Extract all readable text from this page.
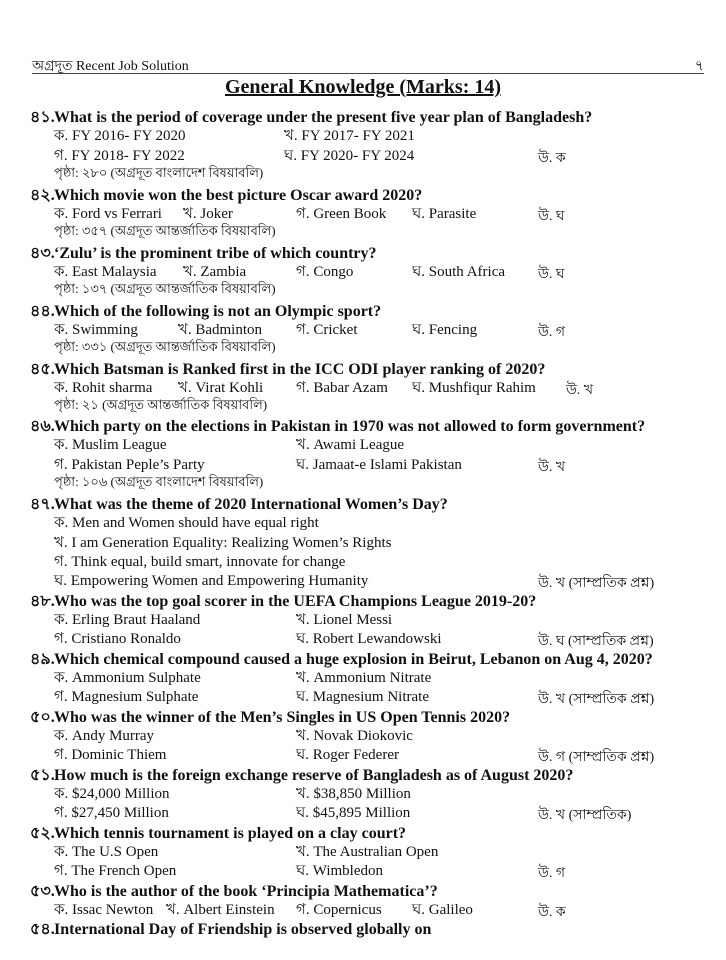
অগ্রদূত Recent Job Solution	৭
General Knowledge (Marks: 14)
৪১.What is the period of coverage under the present five year plan of Bangladesh?
ক. FY 2016- FY 2020	খ. FY 2017- FY 2021
গ. FY 2018- FY 2022	ঘ. FY 2020- FY 2024	উ. ক
পৃষ্ঠা: ২৮০ (অগ্রদূত বাংলাদেশ বিষয়াবলি)
৪২.Which movie won the best picture Oscar award 2020?
ক. Ford vs Ferrari খ. Joker	গ. Green Book ঘ. Parasite	উ. ঘ
পৃষ্ঠা: ৩৫৭ (অগ্রদূত আন্তর্জাতিক বিষয়াবলি)
৪৩.‘Zulu’ is the prominent tribe of which country?
ক. East Malaysia খ. Zambia	গ. Congo	ঘ. South Africa উ. ঘ
পৃষ্ঠা: ১৩৭ (অগ্রদূত আন্তর্জাতিক বিষয়াবলি)
৪৪.Which of the following is not an Olympic sport?
ক. Swimming	খ. Badminton গ. Cricket	ঘ. Fencing	উ. গ
পৃষ্ঠা: ৩৩১ (অগ্রদূত আন্তর্জাতিক বিষয়াবলি)
৪৫.Which Batsman is Ranked first in the ICC ODI player ranking of 2020?
ক. Rohit sharma খ. Virat Kohli গ. Babar Azam ঘ. Mushfiqur Rahim উ. খ
পৃষ্ঠা: ২১ (অগ্রদূত আন্তর্জাতিক বিষয়াবলি)
৪৬.Which party on the elections in Pakistan in 1970 was not allowed to form government?
ক. Muslim League	খ. Awami League
গ. Pakistan Peple’s Party	ঘ. Jamaat-e Islami Pakistan	উ. খ
পৃষ্ঠা: ১০৬ (অগ্রদূত বাংলাদেশ বিষয়াবলি)
৪৭.What was the theme of 2020 International Women’s Day?
ক. Men and Women should have equal right
খ. I am Generation Equality: Realizing Women’s Rights
গ. Think equal, build smart, innovate for change
ঘ. Empowering Women and Empowering Humanity	উ. খ (সাম্প্রতিক প্রশ্ন)
৪৮.Who was the top goal scorer in the UEFA Champions League 2019-20?
ক. Erling Braut Haaland	খ. Lionel Messi
গ. Cristiano Ronaldo	ঘ. Robert Lewandowski	উ. ঘ (সাম্প্রতিক প্রশ্ন)
৪৯.Which chemical compound caused a huge explosion in Beirut, Lebanon on Aug 4, 2020?
ক. Ammonium Sulphate	খ. Ammonium Nitrate
গ. Magnesium Sulphate	ঘ. Magnesium Nitrate	উ. খ (সাম্প্রতিক প্রশ্ন)
৫০.Who was the winner of the Men’s Singles in US Open Tennis 2020?
ক. Andy Murray	খ. Novak Diokovic
গ. Dominic Thiem	ঘ. Roger Federer	উ. গ (সাম্প্রতিক প্রশ্ন)
৫১.How much is the foreign exchange reserve of Bangladesh as of August 2020?
ক. $24,000 Million	খ. $38,850 Million
গ. $27,450 Million	ঘ. $45,895 Million	উ. খ (সাম্প্রতিক)
৫২.Which tennis tournament is played on a clay court?
ক. The U.S Open	খ. The Australian Open
গ. The French Open	ঘ. Wimbledon	উ. গ
৫৩.Who is the author of the book ‘Principia Mathematica’?
ক. Issac Newton খ. Albert Einstein গ. Copernicus ঘ. Galileo	উ. ক
৫৪.International Day of Friendship is observed globally on
